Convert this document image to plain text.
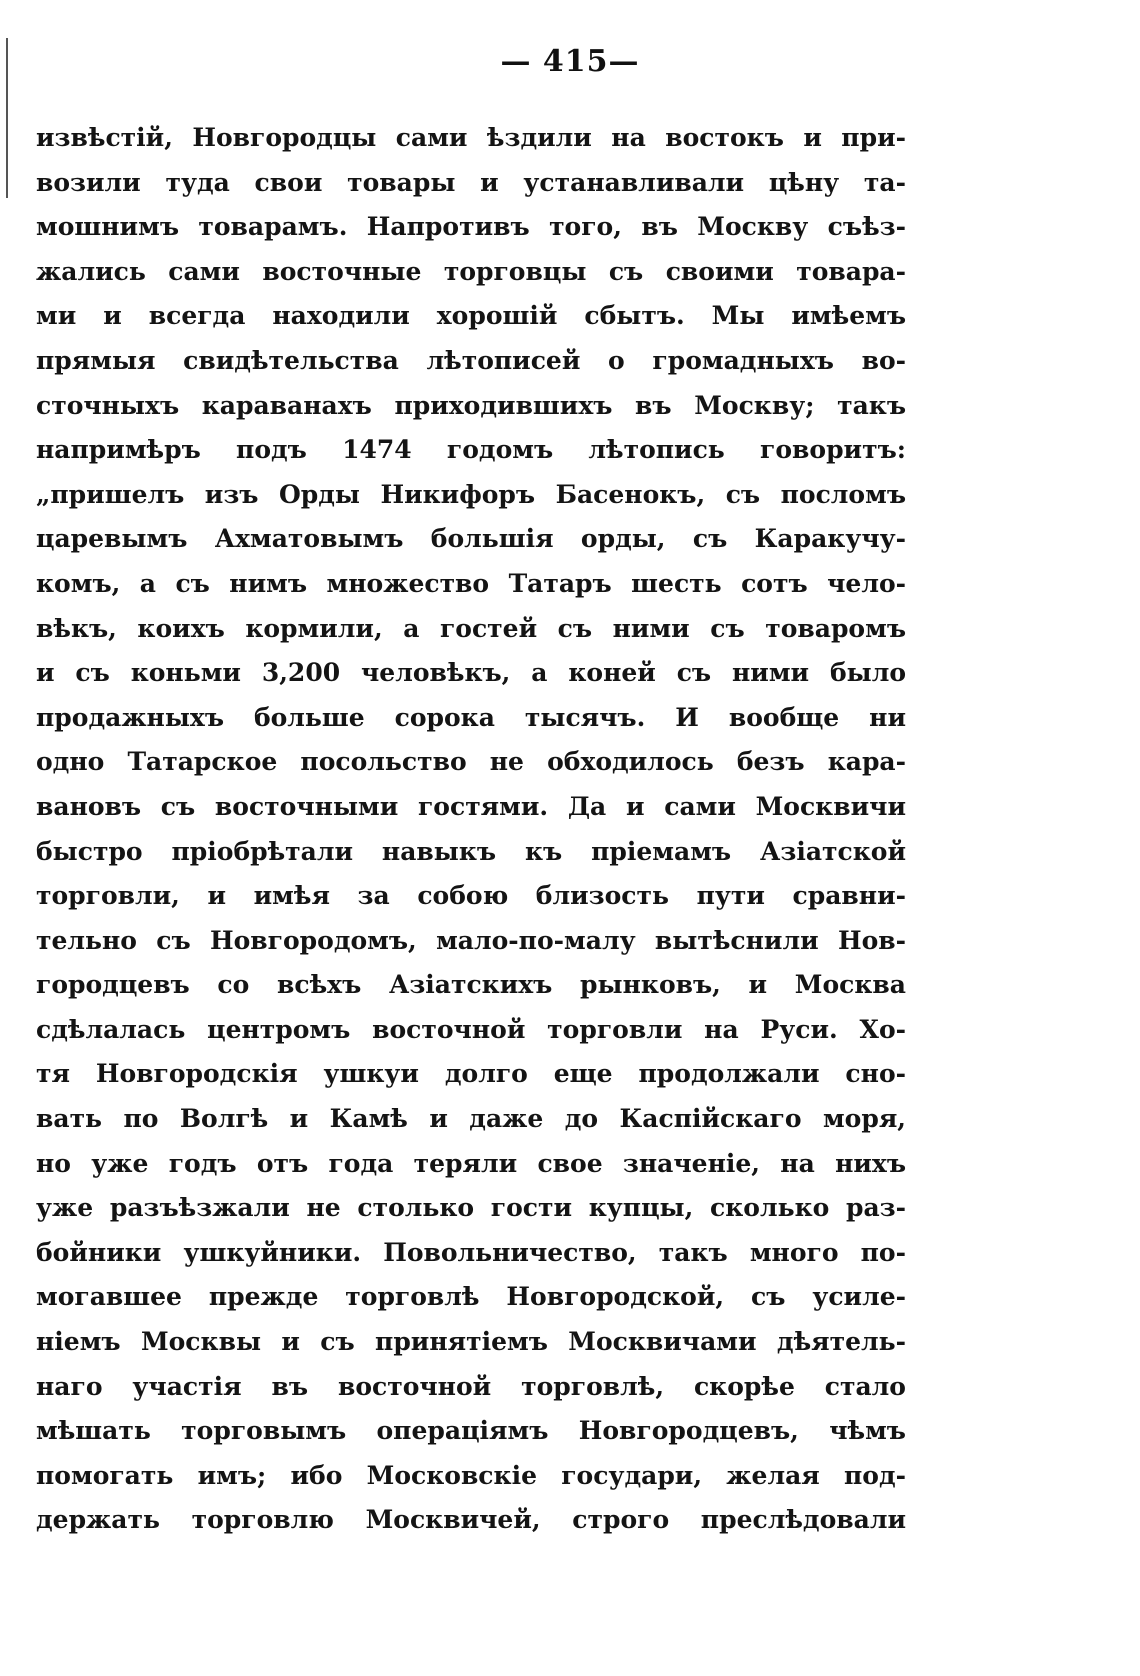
— 415—
извѣстій, Новгородцы сами ѣздили на востокъ и при-
возили туда свои товары и устанавливали цѣну та-
мошнимъ товарамъ. Напротивъ того, въ Москву съѣз-
жались сами восточные торговцы съ своими товара-
ми и всегда находили хорошій сбытъ. Мы имѣемъ
прямыя свидѣтельства лѣтописей о громадныхъ во-
сточныхъ караванахъ приходившихъ въ Москву; такъ
напримѣръ подъ 1474 годомъ лѣтопись говоритъ:
„пришелъ изъ Орды Никифоръ Басенокъ, съ посломъ
царевымъ Ахматовымъ большія орды, съ Каракучу-
комъ, а съ нимъ множество Татаръ шесть сотъ чело-
вѣкъ, коихъ кормили, а гостей съ ними съ товаромъ
и съ коньми 3,200 человѣкъ, а коней съ ними было
продажныхъ больше сорока тысячъ. И вообще ни
одно Татарское посольство не обходилось безъ кара-
вановъ съ восточными гостями. Да и сами Москвичи
быстро пріобрѣтали навыкъ къ пріемамъ Азіатской
торговли, и имѣя за собою близость пути сравни-
тельно съ Новгородомъ, мало-по-малу вытѣснили Нов-
городцевъ со всѣхъ Азіатскихъ рынковъ, и Москва
сдѣлалась центромъ восточной торговли на Руси. Хо-
тя Новгородскія ушкуи долго еще продолжали сно-
вать по Волгѣ и Камѣ и даже до Каспійскаго моря,
но уже годъ отъ года теряли свое значеніе, на нихъ
уже разъѣзжали не столько гости купцы, сколько раз-
бойники ушкуйники. Повольничество, такъ много по-
могавшее прежде торговлѣ Новгородской, съ усиле-
ніемъ Москвы и съ принятіемъ Москвичами дѣятель-
наго участія въ восточной торговлѣ, скорѣе стало
мѣшать торговымъ операціямъ Новгородцевъ, чѣмъ
помогать имъ; ибо Московскіе государи, желая под-
держать торговлю Москвичей, строго преслѣдовали
